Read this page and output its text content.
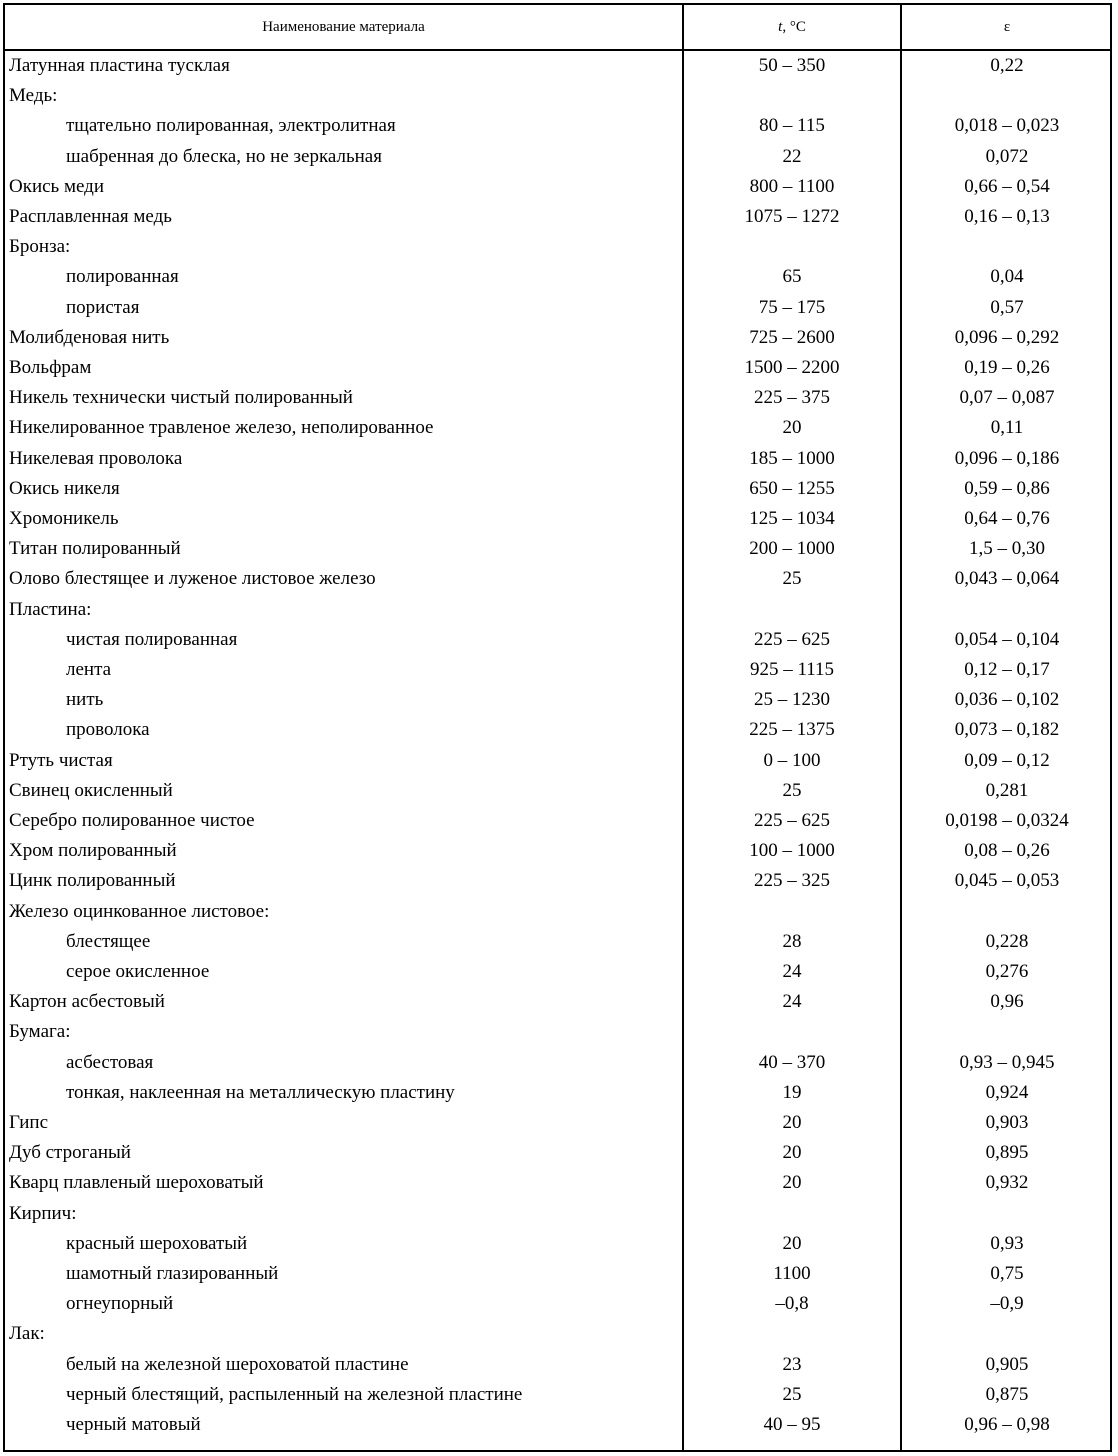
Наименование материала	t, °C	ε
Латунная пластина тусклая	50 – 350	0,22
Медь:
тщательно полированная, электролитная	80 – 115	0,018 – 0,023
шабренная до блеска, но не зеркальная	22	0,072
Окись меди	800 – 1100	0,66 – 0,54
Расплавленная медь	1075 – 1272	0,16 – 0,13
Бронза:
полированная	65	0,04
пористая	75 – 175	0,57
Молибденовая нить	725 – 2600	0,096 – 0,292
Вольфрам	1500 – 2200	0,19 – 0,26
Никель технически чистый полированный	225 – 375	0,07 – 0,087
Никелированное травленое железо, неполированное	20	0,11
Никелевая проволока	185 – 1000	0,096 – 0,186
Окись никеля	650 – 1255	0,59 – 0,86
Хромоникель	125 – 1034	0,64 – 0,76
Титан полированный	200 – 1000	1,5 – 0,30
Олово блестящее и луженое листовое железо	25	0,043 – 0,064
Пластина:
чистая полированная	225 – 625	0,054 – 0,104
лента	925 – 1115	0,12 – 0,17
нить	25 – 1230	0,036 – 0,102
проволока	225 – 1375	0,073 – 0,182
Ртуть чистая	0 – 100	0,09 – 0,12
Свинец окисленный	25	0,281
Серебро полированное чистое	225 – 625	0,0198 – 0,0324
Хром полированный	100 – 1000	0,08 – 0,26
Цинк полированный	225 – 325	0,045 – 0,053
Железо оцинкованное листовое:
блестящее	28	0,228
серое окисленное	24	0,276
Картон асбестовый	24	0,96
Бумага:
асбестовая	40 – 370	0,93 – 0,945
тонкая, наклеенная на металлическую пластину	19	0,924
Гипс	20	0,903
Дуб строганый	20	0,895
Кварц плавленый шероховатый	20	0,932
Кирпич:
красный шероховатый	20	0,93
шамотный глазированный	1100	0,75
огнеупорный	–0,8	–0,9
Лак:
белый на железной шероховатой пластине	23	0,905
черный блестящий, распыленный на железной пластине	25	0,875
черный матовый	40 – 95	0,96 – 0,98
